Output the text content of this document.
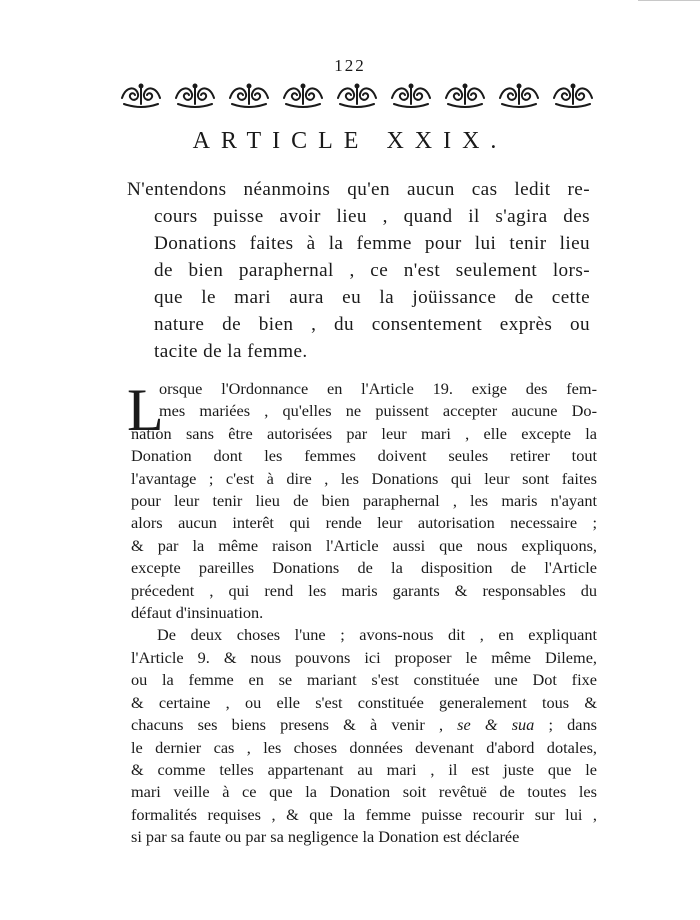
122
ARTICLE XXIX.
N'entendons néanmoins qu'en aucun cas ledit re-
cours puisse avoir lieu , quand il s'agira des
Donations faites à la femme pour lui tenir lieu
de bien paraphernal , ce n'est seulement lors-
que le mari aura eu la joüissance de cette
nature de bien , du consentement exprès ou
tacite de la femme.
L
orsque l'Ordonnance en l'Article 19. exige des fem-
mes mariées , qu'elles ne puissent accepter aucune Do-
nation sans être autorisées par leur mari , elle excepte la
Donation dont les femmes doivent seules retirer tout
l'avantage ; c'est à dire , les Donations qui leur sont faites
pour leur tenir lieu de bien paraphernal , les maris n'ayant
alors aucun interêt qui rende leur autorisation necessaire ;
& par la même raison l'Article aussi que nous expliquons,
excepte pareilles Donations de la disposition de l'Article
précedent , qui rend les maris garants & responsables du
défaut d'insinuation.
De deux choses l'une ; avons-nous dit , en expliquant
l'Article 9. & nous pouvons ici proposer le même Dileme,
ou la femme en se mariant s'est constituée une Dot fixe
& certaine , ou elle s'est constituée generalement tous &
chacuns ses biens presens & à venir , se & sua ; dans
le dernier cas , les choses données devenant d'abord dotales,
& comme telles appartenant au mari , il est juste que le
mari veille à ce que la Donation soit revêtuë de toutes les
formalités requises , & que la femme puisse recourir sur lui ,
si par sa faute ou par sa negligence la Donation est déclarée
